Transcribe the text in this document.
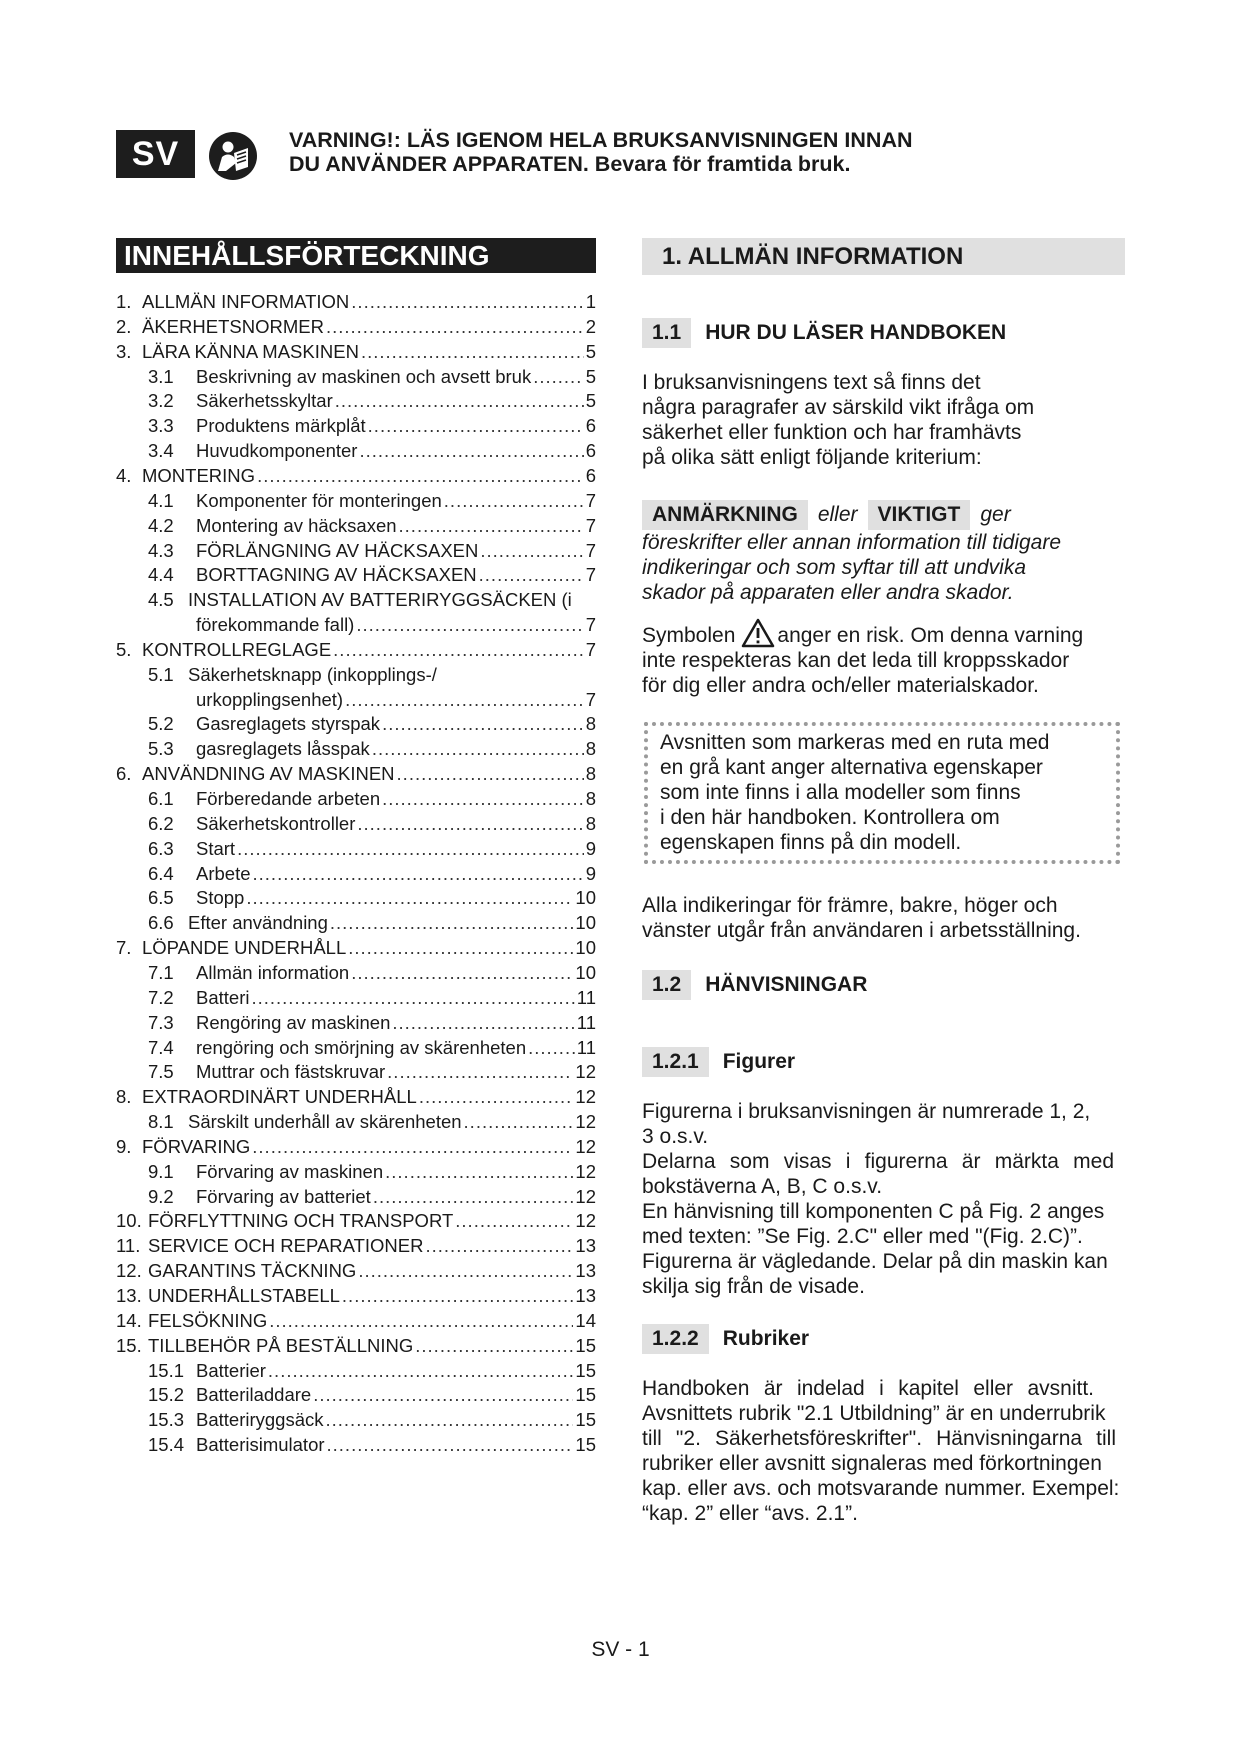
SV	VARNING!: LÄS IGENOM HELA BRUKSANVISNINGEN INNAN
DU ANVÄNDER APPARATEN. Bevara för framtida bruk.
INNEHÅLLSFÖRTECKNING
1. ALLMÄN INFORMATION .....	1
2. ÄKERHETSNORMER .....	2
3. LÄRA KÄNNA MASKINEN .....	5
3.1	Beskrivning av maskinen och avsett bruk .....	5
3.2	Säkerhetsskyltar .....	5
3.3	Produktens märkplåt .....	6
3.4	Huvudkomponenter .....	6
4. MONTERING .....	6
4.1	Komponenter för monteringen .....	7
4.2	Montering av häcksaxen .....	7
4.3	FÖRLÄNGNING AV HÄCKSAXEN .....	7
4.4	BORTTAGNING AV HÄCKSAXEN .....	7
4.5 INSTALLATION AV BATTERIRYGGSÄCKEN (i
förekommande fall) .....	7
5. KONTROLLREGLAGE .....	7
5.1 Säkerhetsknapp (inkopplings-/
urkopplingsenhet) .....	7
5.2	Gasreglagets styrspak .....	8
5.3	gasreglagets låsspak .....	8
6. ANVÄNDNING AV MASKINEN .....	8
6.1	Förberedande arbeten .....	8
6.2	Säkerhetskontroller .....	8
6.3	Start .....	9
6.4	Arbete .....	9
6.5	Stopp .....	10
6.6 Efter användning .....	10
7. LÖPANDE UNDERHÅLL .....	10
7.1	Allmän information .....	10
7.2	Batteri .....	11
7.3	Rengöring av maskinen .....	11
7.4	rengöring och smörjning av skärenheten .....	11
7.5	Muttrar och fästskruvar .....	12
8. EXTRAORDINÄRT UNDERHÅLL .....	12
8.1 Särskilt underhåll av skärenheten .....	12
9. FÖRVARING .....	12
9.1	Förvaring av maskinen .....	12
9.2	Förvaring av batteriet .....	12
10. FÖRFLYTTNING OCH TRANSPORT .....	12
11. SERVICE OCH REPARATIONER .....	13
12. GARANTINS TÄCKNING .....	13
13. UNDERHÅLLSTABELL .....	13
14. FELSÖKNING .....	14
15. TILLBEHÖR PÅ BESTÄLLNING .....	15
15.1 Batterier .....	15
15.2 Batteriladdare .....	15
15.3 Batteriryggsäck .....	15
15.4 Batterisimulator .....	15
1. ALLMÄN INFORMATION
1.1	HUR DU LÄSER HANDBOKEN
I bruksanvisningens text så finns det
några paragrafer av särskild vikt ifråga om
säkerhet eller funktion och har framhävts
på olika sätt enligt följande kriterium:
ANMÄRKNING eller VIKTIGT ger
föreskrifter eller annan information till tidigare
indikeringar och som syftar till att undvika
skador på apparaten eller andra skador.
Symbolen anger en risk. Om denna varning
inte respekteras kan det leda till kroppsskador
för dig eller andra och/eller materialskador.
Avsnitten som markeras med en ruta med
en grå kant anger alternativa egenskaper
som inte finns i alla modeller som finns
i den här handboken. Kontrollera om
egenskapen finns på din modell.
Alla indikeringar för främre, bakre, höger och
vänster utgår från användaren i arbetsställning.
1.2	HÄNVISNINGAR
1.2.1	Figurer
Figurerna i bruksanvisningen är numrerade 1, 2,
3 o.s.v.
Delarna som visas i figurerna är märkta med
bokstäverna A, B, C o.s.v.
En hänvisning till komponenten C på Fig. 2 anges
med texten: ”Se Fig. 2.C" eller med "(Fig. 2.C)”.
Figurerna är vägledande. Delar på din maskin kan
skilja sig från de visade.
1.2.2	Rubriker
Handboken är indelad i kapitel eller avsnitt.
Avsnittets rubrik "2.1 Utbildning” är en underrubrik
till "2. Säkerhetsföreskrifter". Hänvisningarna till
rubriker eller avsnitt signaleras med förkortningen
kap. eller avs. och motsvarande nummer. Exempel:
“kap. 2” eller “avs. 2.1”.
SV - 1
